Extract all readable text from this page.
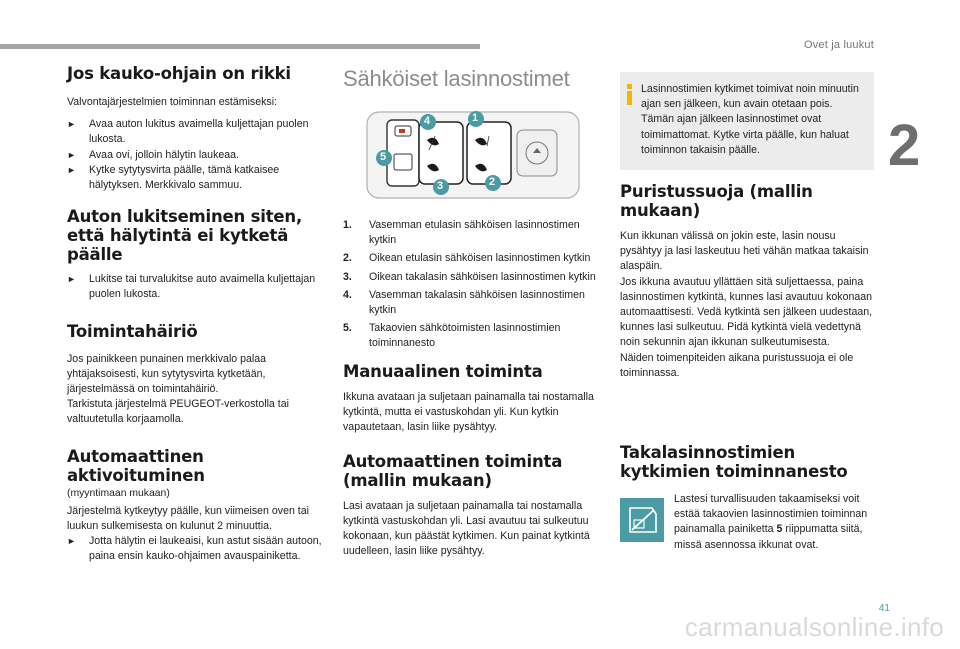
Ovet ja luukut
2
41
carmanualsonline.info
Jos kauko-ohjain on rikki

Valvontajärjestelmien toiminnan estämiseksi:

► Avaa auton lukitus avaimella kuljettajan puolen lukosta.
► Avaa ovi, jolloin hälytin laukeaa.
► Kytke sytytysvirta päälle, tämä katkaisee hälytyksen. Merkkivalo sammuu.
Auton lukitseminen siten, että hälytintä ei kytketä päälle
► Lukitse tai turvalukitse auto avaimella kuljettajan puolen lukosta.
Toimintahäiriö

Jos painikkeen punainen merkkivalo palaa yhtäjaksoisesti, kun sytytysvirta kytketään, järjestelmässä on toimintahäiriö.
Tarkistuta järjestelmä PEUGEOT-verkostolla tai valtuutetulla korjaamolla.

Automaattinen aktivoituminen

(myyntimaan mukaan)

Järjestelmä kytkeytyy päälle, kun viimeisen oven tai luukun sulkemisesta on kulunut 2 minuuttia.

► Jotta hälytin ei laukeaisi, kun astut sisään autoon, paina ensin kauko-ohjaimen avauspainiketta.
Sähköiset lasinnostimet
1
2
3
4
5
1. Vasemman etulasin sähköisen lasinnostimen kytkin
2. Oikean etulasin sähköisen lasinnostimen kytkin
3. Oikean takalasin sähköisen lasinnostimen kytkin
4. Vasemman takalasin sähköisen lasinnostimen kytkin
5. Takaovien sähkötoimisten lasinnostimien toiminnanesto
Manuaalinen toiminta

Ikkuna avataan ja suljetaan painamalla tai nostamalla kytkintä, mutta ei vastuskohdan yli. Kun kytkin vapautetaan, lasin liike pysähtyy.

Automaattinen toiminta (mallin mukaan)

Lasi avataan ja suljetaan painamalla tai nostamalla kytkintä vastuskohdan yli. Lasi avautuu tai sulkeutuu kokonaan, kun päästät kytkimen. Kun painat kytkintä uudelleen, lasin liike pysähtyy.

Lasinnostimien kytkimet toimivat noin minuutin ajan sen jälkeen, kun avain otetaan pois.
Tämän ajan jälkeen lasinnostimet ovat toimimattomat. Kytke virta päälle, kun haluat toiminnon takaisin päälle.

Puristussuoja (mallin mukaan)

Kun ikkunan välissä on jokin este, lasin nousu pysähtyy ja lasi laskeutuu heti vähän matkaa takaisin alaspäin.
Jos ikkuna avautuu yllättäen sitä suljettaessa, paina lasinnostimen kytkintä, kunnes lasi avautuu kokonaan automaattisesti. Vedä kytkintä sen jälkeen uudestaan, kunnes lasi sulkeutuu. Pidä kytkintä vielä vedettynä noin sekunnin ajan ikkunan sulkeutumisesta.
Näiden toimenpiteiden aikana puristussuoja ei ole toiminnassa.

Takalasinnostimien kytkimien toiminnanesto

Lastesi turvallisuuden takaamiseksi voit estää takaovien lasinnostimien toiminnan painamalla painiketta 5 riippumatta siitä, missä asennossa ikkunat ovat.
